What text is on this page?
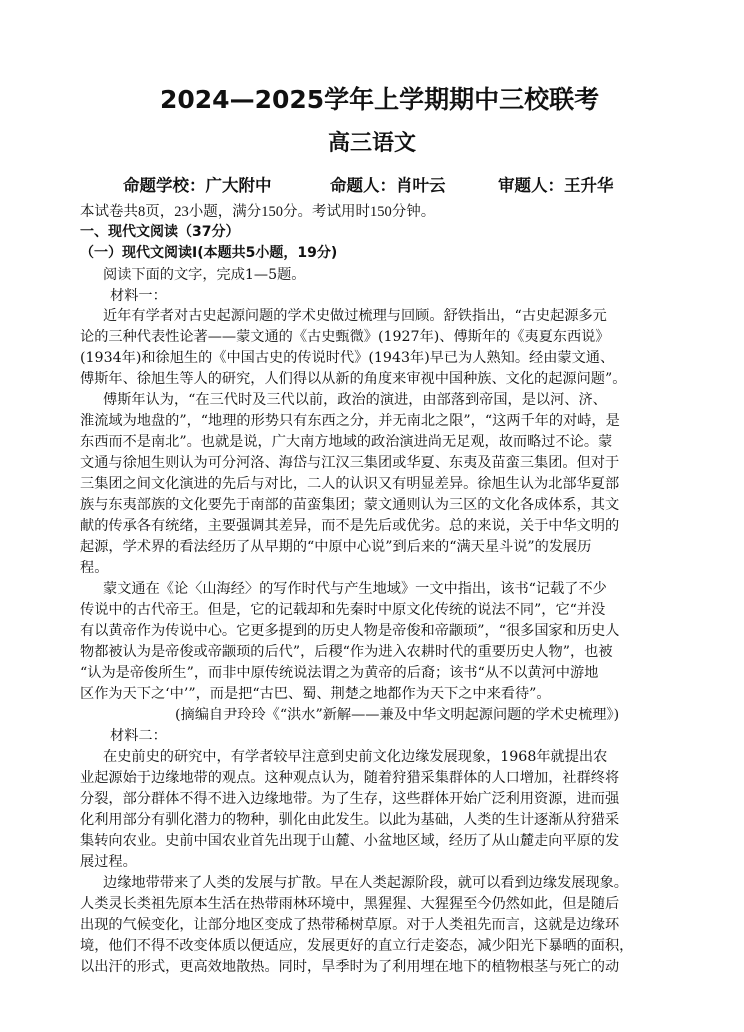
2024—2025学年上学期期中三校联考
高三语文
命题学校：广大附中	命题人：肖叶云	审题人：王升华
本试卷共8页，23小题，满分150分。考试用时150分钟。
一、现代文阅读（37分）
（一）现代文阅读Ⅰ(本题共5小题，19分)
阅读下面的文字，完成1—5题。
材料一：
近年有学者对古史起源问题的学术史做过梳理与回顾。舒铁指出，“古史起源多元
论的三种代表性论著——蒙文通的《古史甄微》(1927年)、傅斯年的《夷夏东西说》
(1934年)和徐旭生的《中国古史的传说时代》(1943年)早已为人熟知。经由蒙文通、
傅斯年、徐旭生等人的研究，人们得以从新的角度来审视中国种族、文化的起源问题”。
傅斯年认为，“在三代时及三代以前，政治的演进，由部落到帝国，是以河、济、
淮流域为地盘的”，“地理的形势只有东西之分，并无南北之限”，“这两千年的对峙，是
东西而不是南北”。也就是说，广大南方地域的政治演进尚无足观，故而略过不论。蒙
文通与徐旭生则认为可分河洛、海岱与江汉三集团或华夏、东夷及苗蛮三集团。但对于
三集团之间文化演进的先后与对比，二人的认识又有明显差异。徐旭生认为北部华夏部
族与东夷部族的文化要先于南部的苗蛮集团；蒙文通则认为三区的文化各成体系，其文
献的传承各有统绪，主要强调其差异，而不是先后或优劣。总的来说，关于中华文明的
起源，学术界的看法经历了从早期的“中原中心说”到后来的“满天星斗说”的发展历
程。
蒙文通在《论〈山海经〉的写作时代与产生地域》一文中指出，该书“记载了不少
传说中的古代帝王。但是，它的记载却和先秦时中原文化传统的说法不同”，它“并没
有以黄帝作为传说中心。它更多提到的历史人物是帝俊和帝颛顼”，“很多国家和历史人
物都被认为是帝俊或帝颛顼的后代”，后稷“作为进入农耕时代的重要历史人物”，也被
“认为是帝俊所生”，而非中原传统说法谓之为黄帝的后裔；该书“从不以黄河中游地
区作为天下之‘中’”，而是把“古巴、蜀、荆楚之地都作为天下之中来看待”。
(摘编自尹玲玲《“洪水”新解——兼及中华文明起源问题的学术史梳理》)
材料二：
在史前史的研究中，有学者较早注意到史前文化边缘发展现象，1968年就提出农
业起源始于边缘地带的观点。这种观点认为，随着狩猎采集群体的人口增加，社群终将
分裂，部分群体不得不进入边缘地带。为了生存，这些群体开始广泛利用资源，进而强
化利用部分有驯化潜力的物种，驯化由此发生。以此为基础，人类的生计逐渐从狩猎采
集转向农业。史前中国农业首先出现于山麓、小盆地区域，经历了从山麓走向平原的发
展过程。
边缘地带带来了人类的发展与扩散。早在人类起源阶段，就可以看到边缘发展现象。
人类灵长类祖先原本生活在热带雨林环境中，黑猩猩、大猩猩至今仍然如此，但是随后
出现的气候变化，让部分地区变成了热带稀树草原。对于人类祖先而言，这就是边缘环
境，他们不得不改变体质以便适应，发展更好的直立行走姿态，减少阳光下暴晒的面积，
以出汗的形式，更高效地散热。同时，旱季时为了利用埋在地下的植物根茎与死亡的动
